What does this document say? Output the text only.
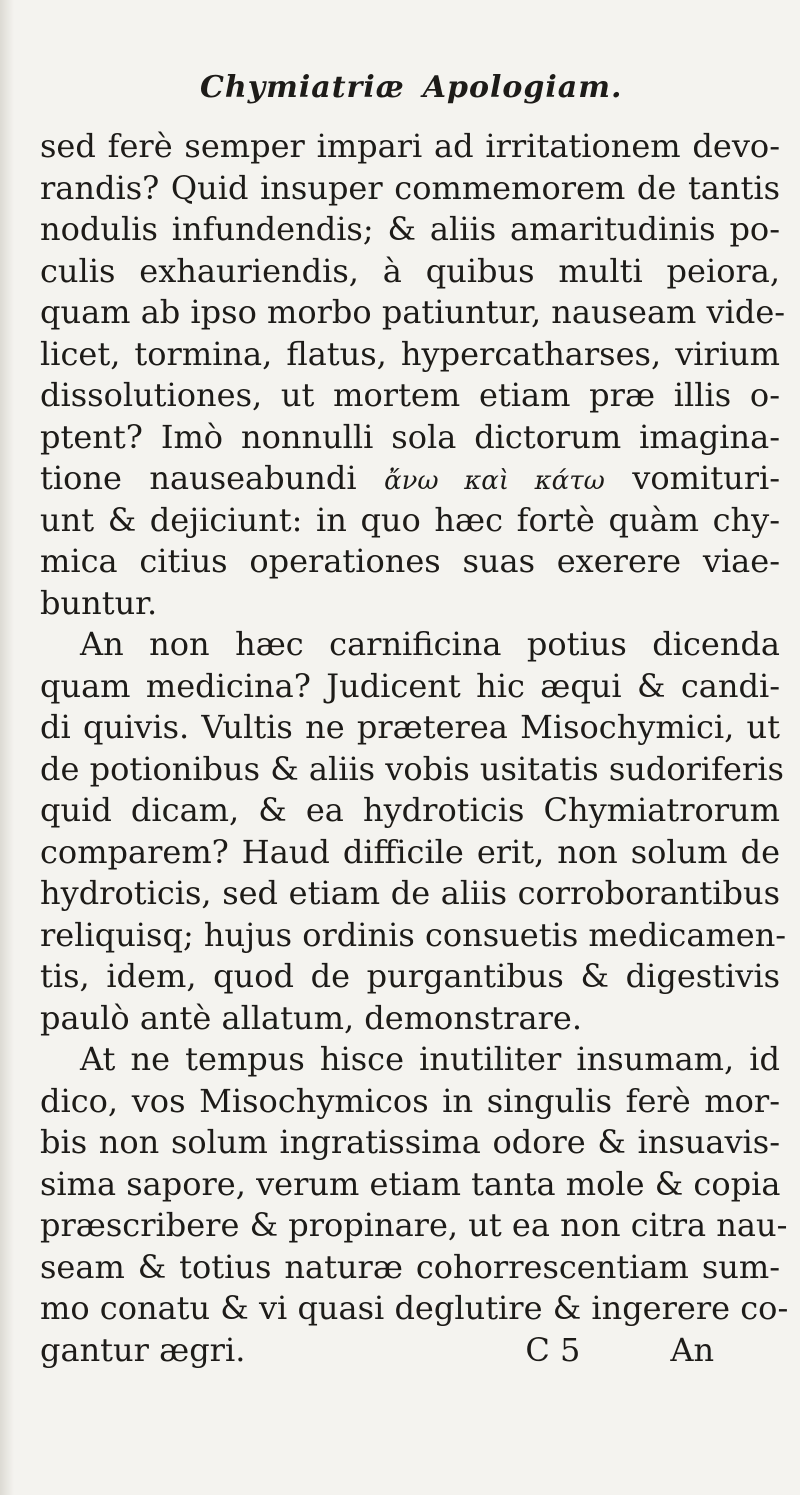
Chymiatriæ Apologiam.
sed ferè semper impari ad irritationem devo-
randis? Quid insuper commemorem de tantis
nodulis infundendis; & aliis amaritudinis po-
culis exhauriendis, à quibus multi peiora,
quam ab ipso morbo patiuntur, nauseam vide-
licet, tormina, flatus, hypercatharses, virium
dissolutiones, ut mortem etiam præ illis o-
ptent? Imò nonnulli sola dictorum imagina-
tione nauseabundi ἄνω καὶ κάτω vomituri-
unt & dejiciunt: in quo hæc fortè quàm chy-
mica citius operationes suas exerere viae-
buntur.
An non hæc carnificina potius dicenda
quam medicina? Judicent hic æqui & candi-
di quivis. Vultis ne præterea Misochymici, ut
de potionibus & aliis vobis usitatis sudoriferis
quid dicam, & ea hydroticis Chymiatrorum
comparem? Haud difficile erit, non solum de
hydroticis, sed etiam de aliis corroborantibus
reliquisq; hujus ordinis consuetis medicamen-
tis, idem, quod de purgantibus & digestivis
paulò antè allatum, demonstrare.
At ne tempus hisce inutiliter insumam, id
dico, vos Misochymicos in singulis ferè mor-
bis non solum ingratissima odore & insuavis-
sima sapore, verum etiam tanta mole & copia
præscribere & propinare, ut ea non citra nau-
seam & totius naturæ cohorrescentiam sum-
mo conatu & vi quasi deglutire & ingerere co-
gantur ægri.	C 5	An
